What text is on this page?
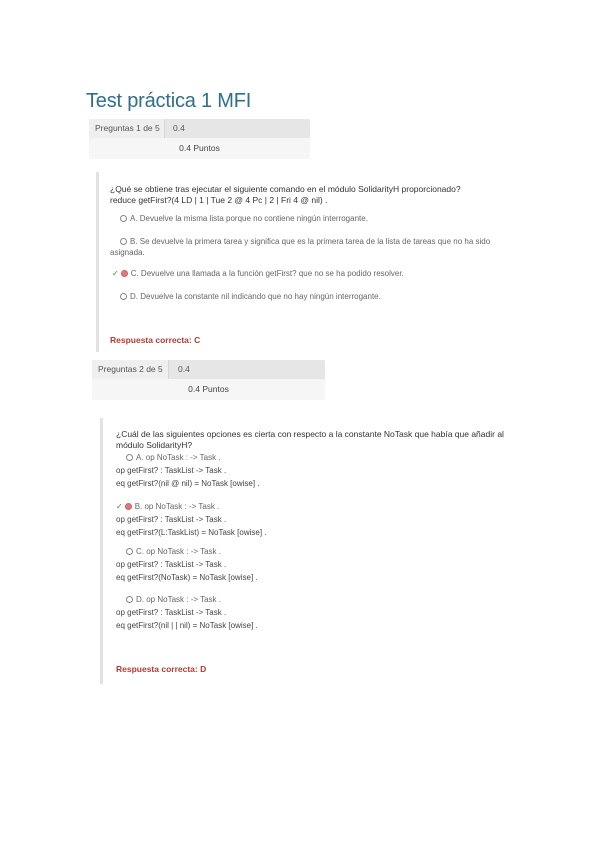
Test práctica 1 MFI
Preguntas 1 de 5	0.4
0.4 Puntos
¿Qué se obtiene tras ejecutar el siguiente comando en el módulo SolidarityH proporcionado?
reduce getFirst?(4 LD | 1 | Tue 2 @ 4 Pc | 2 | Fri 4 @ nil) .
A. Devuelve la misma lista porque no contiene ningún interrogante.
B. Se devuelve la primera tarea y significa que es la primera tarea de la lista de tareas que no ha sido asignada.
✓ C. Devuelve una llamada a la función getFirst? que no se ha podido resolver.
D. Devuelve la constante nil indicando que no hay ningún interrogante.
Respuesta correcta: C
Preguntas 2 de 5	0.4
0.4 Puntos
¿Cuál de las siguientes opciones es cierta con respecto a la constante NoTask que había que añadir al
módulo SolidarityH?
A. op NoTask : -> Task .
op getFirst? : TaskList -> Task .
eq getFirst?(nil @ nil) = NoTask [owise] .
✓ B. op NoTask : -> Task .
op getFirst? : TaskList -> Task .
eq getFirst?(L:TaskList) = NoTask [owise] .
C. op NoTask : -> Task .
op getFirst? : TaskList -> Task .
eq getFirst?(NoTask) = NoTask [owise] .
D. op NoTask : -> Task .
op getFirst? : TaskList -> Task .
eq getFirst?(nil | | nil) = NoTask [owise] .
Respuesta correcta: D
